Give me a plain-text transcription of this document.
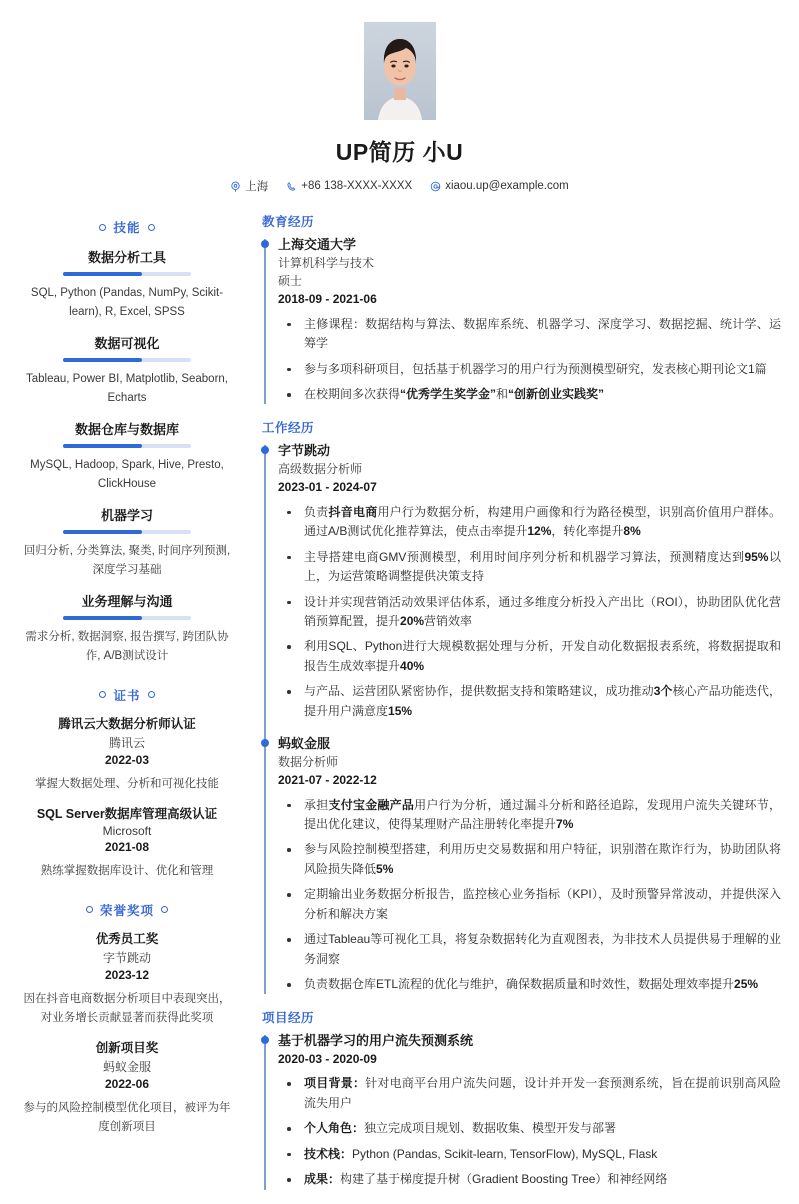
UP简历 小U
上海	+86 138-XXXX-XXXX	xiaou.up@example.com
技能
数据分析工具
SQL, Python (Pandas, NumPy, Scikit-learn), R, Excel, SPSS
数据可视化
Tableau, Power BI, Matplotlib, Seaborn, Echarts
数据仓库与数据库
MySQL, Hadoop, Spark, Hive, Presto, ClickHouse
机器学习
回归分析, 分类算法, 聚类, 时间序列预测, 深度学习基础
业务理解与沟通
需求分析, 数据洞察, 报告撰写, 跨团队协作, A/B测试设计
证书
腾讯云大数据分析师认证
腾讯云
2022-03
掌握大数据处理、分析和可视化技能
SQL Server数据库管理高级认证
Microsoft
2021-08
熟练掌握数据库设计、优化和管理
荣誉奖项
优秀员工奖
字节跳动
2023-12
因在抖音电商数据分析项目中表现突出，对业务增长贡献显著而获得此奖项
创新项目奖
蚂蚁金服
2022-06
参与的风险控制模型优化项目，被评为年度创新项目
教育经历
上海交通大学
计算机科学与技术
硕士
2018-09 - 2021-06
主修课程：数据结构与算法、数据库系统、机器学习、深度学习、数据挖掘、统计学、运筹学
参与多项科研项目，包括基于机器学习的用户行为预测模型研究，发表核心期刊论文1篇
在校期间多次获得“优秀学生奖学金”和“创新创业实践奖”
工作经历
字节跳动
高级数据分析师
2023-01 - 2024-07
负责抖音电商用户行为数据分析，构建用户画像和行为路径模型，识别高价值用户群体。通过A/B测试优化推荐算法，使点击率提升12%，转化率提升8%
主导搭建电商GMV预测模型，利用时间序列分析和机器学习算法，预测精度达到95%以上，为运营策略调整提供决策支持
设计并实现营销活动效果评估体系，通过多维度分析投入产出比（ROI），协助团队优化营销预算配置，提升20%营销效率
利用SQL、Python进行大规模数据处理与分析，开发自动化数据报表系统，将数据提取和报告生成效率提升40%
与产品、运营团队紧密协作，提供数据支持和策略建议，成功推动3个核心产品功能迭代，提升用户满意度15%
蚂蚁金服
数据分析师
2021-07 - 2022-12
承担支付宝金融产品用户行为分析，通过漏斗分析和路径追踪，发现用户流失关键环节，提出优化建议，使得某理财产品注册转化率提升7%
参与风险控制模型搭建，利用历史交易数据和用户特征，识别潜在欺诈行为，协助团队将风险损失降低5%
定期输出业务数据分析报告，监控核心业务指标（KPI），及时预警异常波动，并提供深入分析和解决方案
通过Tableau等可视化工具，将复杂数据转化为直观图表，为非技术人员提供易于理解的业务洞察
负责数据仓库ETL流程的优化与维护，确保数据质量和时效性，数据处理效率提升25%
项目经历
基于机器学习的用户流失预测系统
2020-03 - 2020-09
项目背景：针对电商平台用户流失问题，设计并开发一套预测系统，旨在提前识别高风险流失用户
个人角色：独立完成项目规划、数据收集、模型开发与部署
技术栈：Python (Pandas, Scikit-learn, TensorFlow), MySQL, Flask
成果：构建了基于梯度提升树（Gradient Boosting Tree）和神经网络
